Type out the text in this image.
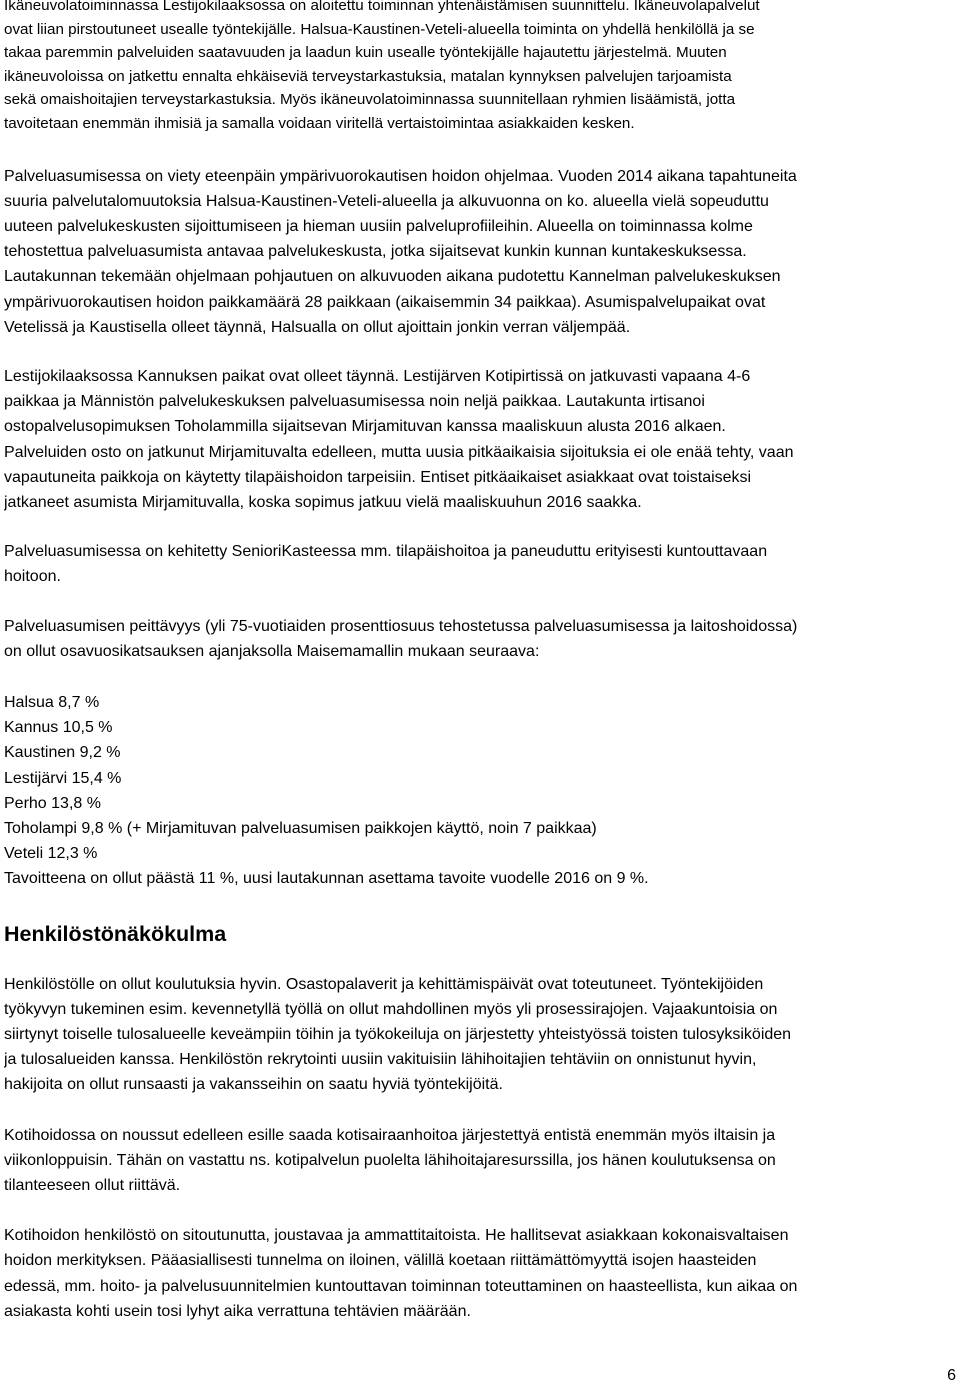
Ikäneuvolatoiminnassa Lestijokilaaksossa on aloitettu toiminnan yhtenäistämisen suunnittelu. Ikäneuvolapalvelut
ovat liian pirstoutuneet usealle työntekijälle. Halsua-Kaustinen-Veteli-alueella toiminta on yhdellä henkilöllä ja se
takaa paremmin palveluiden saatavuuden ja laadun kuin usealle työntekijälle hajautettu järjestelmä. Muuten
ikäneuvoloissa on jatkettu ennalta ehkäiseviä terveystarkastuksia, matalan kynnyksen palvelujen tarjoamista
sekä omaishoitajien terveystarkastuksia. Myös ikäneuvolatoiminnassa suunnitellaan ryhmien lisäämistä, jotta
tavoitetaan enemmän ihmisiä ja samalla voidaan viritellä vertaistoimintaa asiakkaiden kesken.
Palveluasumisessa on viety eteenpäin ympärivuorokautisen hoidon ohjelmaa. Vuoden 2014 aikana tapahtuneita
suuria palvelutalomuutoksia Halsua-Kaustinen-Veteli-alueella ja alkuvuonna on ko. alueella vielä sopeuduttu
uuteen palvelukeskusten sijoittumiseen ja hieman uusiin palveluprofiileihin. Alueella on toiminnassa kolme
tehostettua palveluasumista antavaa palvelukeskusta, jotka sijaitsevat kunkin kunnan kuntakeskuksessa.
Lautakunnan tekemään ohjelmaan pohjautuen on alkuvuoden aikana pudotettu Kannelman palvelukeskuksen
ympärivuorokautisen hoidon paikkamäärä 28 paikkaan (aikaisemmin 34 paikkaa). Asumispalvelupaikat ovat
Vetelissä ja Kaustisella olleet täynnä, Halsualla on ollut ajoittain jonkin verran väljempää.
Lestijokilaaksossa Kannuksen paikat ovat olleet täynnä. Lestijärven Kotipirtissä on jatkuvasti vapaana 4-6
paikkaa ja Männistön palvelukeskuksen palveluasumisessa noin neljä paikkaa. Lautakunta irtisanoi
ostopalvelusopimuksen Toholammilla sijaitsevan Mirjamituvan kanssa maaliskuun alusta 2016 alkaen.
Palveluiden osto on jatkunut Mirjamituvalta edelleen, mutta uusia pitkäaikaisia sijoituksia ei ole enää tehty, vaan
vapautuneita paikkoja on käytetty tilapäishoidon tarpeisiin. Entiset pitkäaikaiset asiakkaat ovat toistaiseksi
jatkaneet asumista Mirjamituvalla, koska sopimus jatkuu vielä maaliskuuhun 2016 saakka.
Palveluasumisessa on kehitetty SenioriKasteessa mm. tilapäishoitoa ja paneuduttu erityisesti kuntouttavaan
hoitoon.
Palveluasumisen peittävyys (yli 75-vuotiaiden prosenttiosuus tehostetussa palveluasumisessa ja laitoshoidossa)
on ollut osavuosikatsauksen ajanjaksolla Maisemamallin mukaan seuraava:
Halsua 8,7 %
Kannus 10,5 %
Kaustinen 9,2 %
Lestijärvi 15,4 %
Perho 13,8 %
Toholampi 9,8 % (+ Mirjamituvan palveluasumisen paikkojen käyttö, noin 7 paikkaa)
Veteli 12,3 %
Tavoitteena on ollut päästä 11 %, uusi lautakunnan asettama tavoite vuodelle 2016 on 9 %.
Henkilöstönäkökulma
Henkilöstölle on ollut koulutuksia hyvin. Osastopalaverit ja kehittämispäivät ovat toteutuneet. Työntekijöiden
työkyvyn tukeminen esim. kevennetyllä työllä on ollut mahdollinen myös yli prosessirajojen. Vajaakuntoisia on
siirtynyt toiselle tulosalueelle keveämpiin töihin ja työkokeiluja on järjestetty yhteistyössä toisten tulosyksiköiden
ja tulosalueiden kanssa. Henkilöstön rekrytointi uusiin vakituisiin lähihoitajien tehtäviin on onnistunut hyvin,
hakijoita on ollut runsaasti ja vakansseihin on saatu hyviä työntekijöitä.
Kotihoidossa on noussut edelleen esille saada kotisairaanhoitoa järjestettyä entistä enemmän myös iltaisin ja
viikonloppuisin. Tähän on vastattu ns. kotipalvelun puolelta lähihoitajaresurssilla, jos hänen koulutuksensa on
tilanteeseen ollut riittävä.
Kotihoidon henkilöstö on sitoutunutta, joustavaa ja ammattitaitoista. He hallitsevat asiakkaan kokonaisvaltaisen
hoidon merkityksen. Pääasiallisesti tunnelma on iloinen, välillä koetaan riittämättömyyttä isojen haasteiden
edessä, mm. hoito- ja palvelusuunnitelmien kuntouttavan toiminnan toteuttaminen on haasteellista, kun aikaa on
asiakasta kohti usein tosi lyhyt aika verrattuna tehtävien määrään.
6
